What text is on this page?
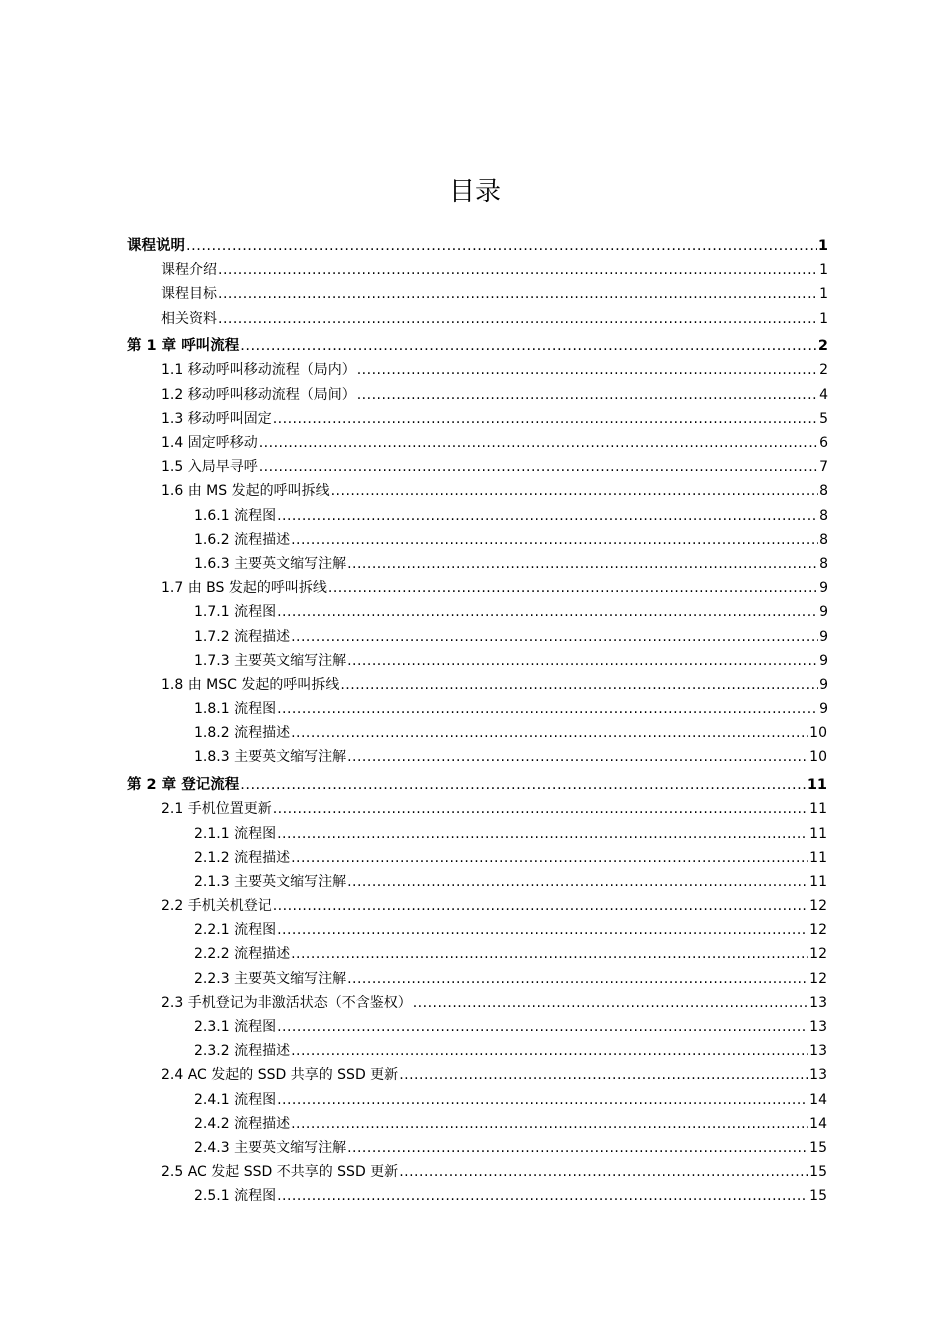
目录
课程说明 .....	1
课程介绍 .....	1
课程目标 .....	1
相关资料 .....	1
第 1 章 呼叫流程 .....	2
1.1 移动呼叫移动流程（局内） .....	2
1.2 移动呼叫移动流程（局间） .....	4
1.3 移动呼叫固定 .....	5
1.4 固定呼移动 .....	6
1.5 入局早寻呼 .....	7
1.6 由 MS 发起的呼叫拆线 .....	8
1.6.1 流程图 .....	8
1.6.2 流程描述 .....	8
1.6.3 主要英文缩写注解 .....	8
1.7 由 BS 发起的呼叫拆线 .....	9
1.7.1 流程图 .....	9
1.7.2 流程描述 .....	9
1.7.3 主要英文缩写注解 .....	9
1.8 由 MSC 发起的呼叫拆线 .....	9
1.8.1 流程图 .....	9
1.8.2 流程描述 .....	10
1.8.3 主要英文缩写注解 .....	10
第 2 章 登记流程 .....	11
2.1 手机位置更新 .....	11
2.1.1 流程图 .....	11
2.1.2 流程描述 .....	11
2.1.3 主要英文缩写注解 .....	11
2.2 手机关机登记 .....	12
2.2.1 流程图 .....	12
2.2.2 流程描述 .....	12
2.2.3 主要英文缩写注解 .....	12
2.3 手机登记为非激活状态（不含鉴权） .....	13
2.3.1 流程图 .....	13
2.3.2 流程描述 .....	13
2.4 AC 发起的 SSD 共享的 SSD 更新 .....	13
2.4.1 流程图 .....	14
2.4.2 流程描述 .....	14
2.4.3 主要英文缩写注解 .....	15
2.5 AC 发起 SSD 不共享的 SSD 更新 .....	15
2.5.1 流程图 .....	15
